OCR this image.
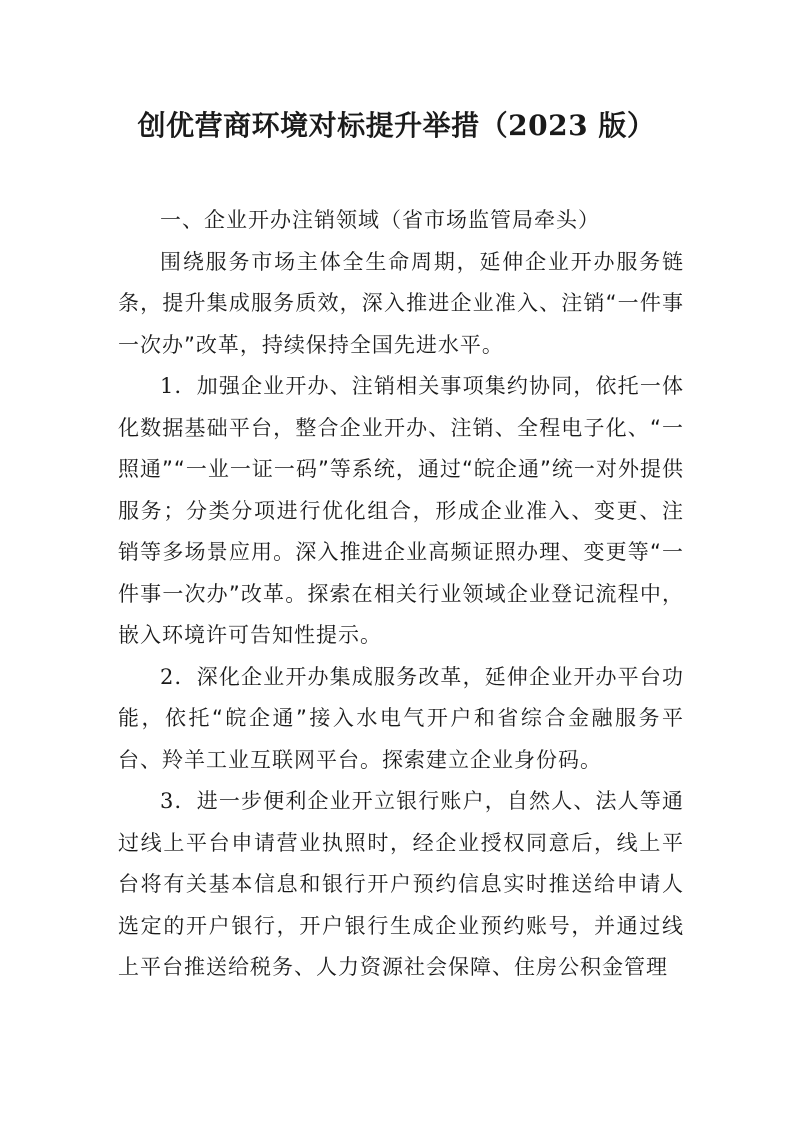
创优营商环境对标提升举措（2023 版）

一、企业开办注销领域（省市场监管局牵头）

围绕服务市场主体全生命周期，延伸企业开办服务链条，提升集成服务质效，深入推进企业准入、注销“一件事一次办”改革，持续保持全国先进水平。

1．加强企业开办、注销相关事项集约协同，依托一体化数据基础平台，整合企业开办、注销、全程电子化、“一照通”“一业一证一码”等系统，通过“皖企通”统一对外提供服务；分类分项进行优化组合，形成企业准入、变更、注销等多场景应用。深入推进企业高频证照办理、变更等“一件事一次办”改革。探索在相关行业领域企业登记流程中，嵌入环境许可告知性提示。

2．深化企业开办集成服务改革，延伸企业开办平台功能，依托“皖企通”接入水电气开户和省综合金融服务平台、羚羊工业互联网平台。探索建立企业身份码。

3．进一步便利企业开立银行账户，自然人、法人等通过线上平台申请营业执照时，经企业授权同意后，线上平台将有关基本信息和银行开户预约信息实时推送给申请人选定的开户银行，开户银行生成企业预约账号，并通过线上平台推送给税务、人力资源社会保障、住房公积金管理
